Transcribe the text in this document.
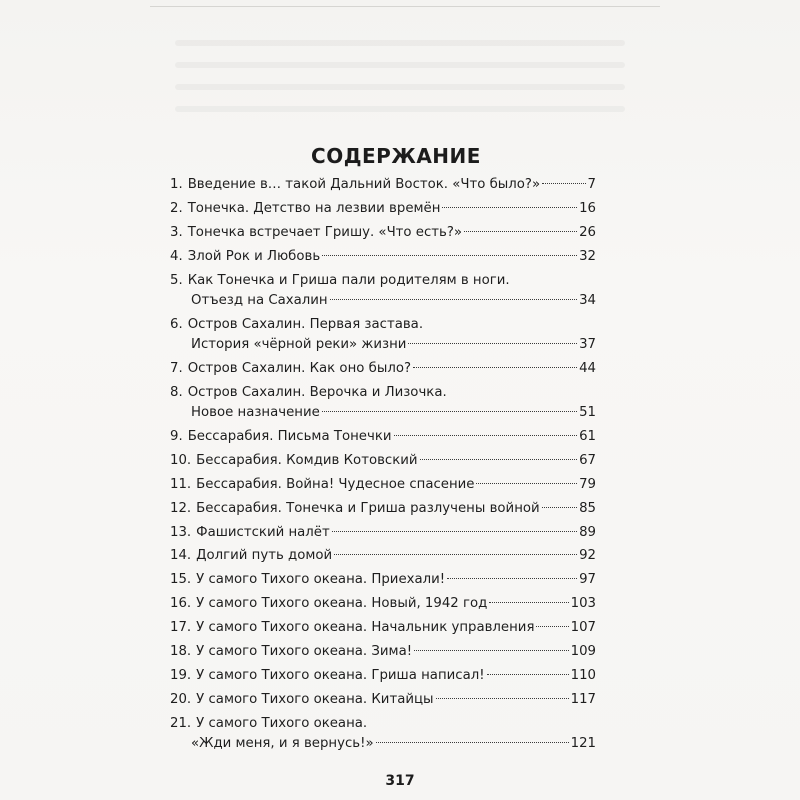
СОДЕРЖАНИЕ
1. Введение в… такой Дальний Восток. «Что было?»	7
2. Тонечка. Детство на лезвии времён	16
3. Тонечка встречает Гришу. «Что есть?»	26
4. Злой Рок и Любовь	32
5. Как Тонечка и Гриша пали родителям в ноги.
Отъезд на Сахалин	34
6. Остров Сахалин. Первая застава.
История «чёрной реки» жизни	37
7. Остров Сахалин. Как оно было?	44
8. Остров Сахалин. Верочка и Лизочка.
Новое назначение	51
9. Бессарабия. Письма Тонечки	61
10. Бессарабия. Комдив Котовский	67
11. Бессарабия. Война! Чудесное спасение	79
12. Бессарабия. Тонечка и Гриша разлучены войной	85
13. Фашистский налёт	89
14. Долгий путь домой	92
15. У самого Тихого океана. Приехали!	97
16. У самого Тихого океана. Новый, 1942 год	103
17. У самого Тихого океана. Начальник управления	107
18. У самого Тихого океана. Зима!	109
19. У самого Тихого океана. Гриша написал!	110
20. У самого Тихого океана. Китайцы	117
21. У самого Тихого океана.
«Жди меня, и я вернусь!»	121
317
